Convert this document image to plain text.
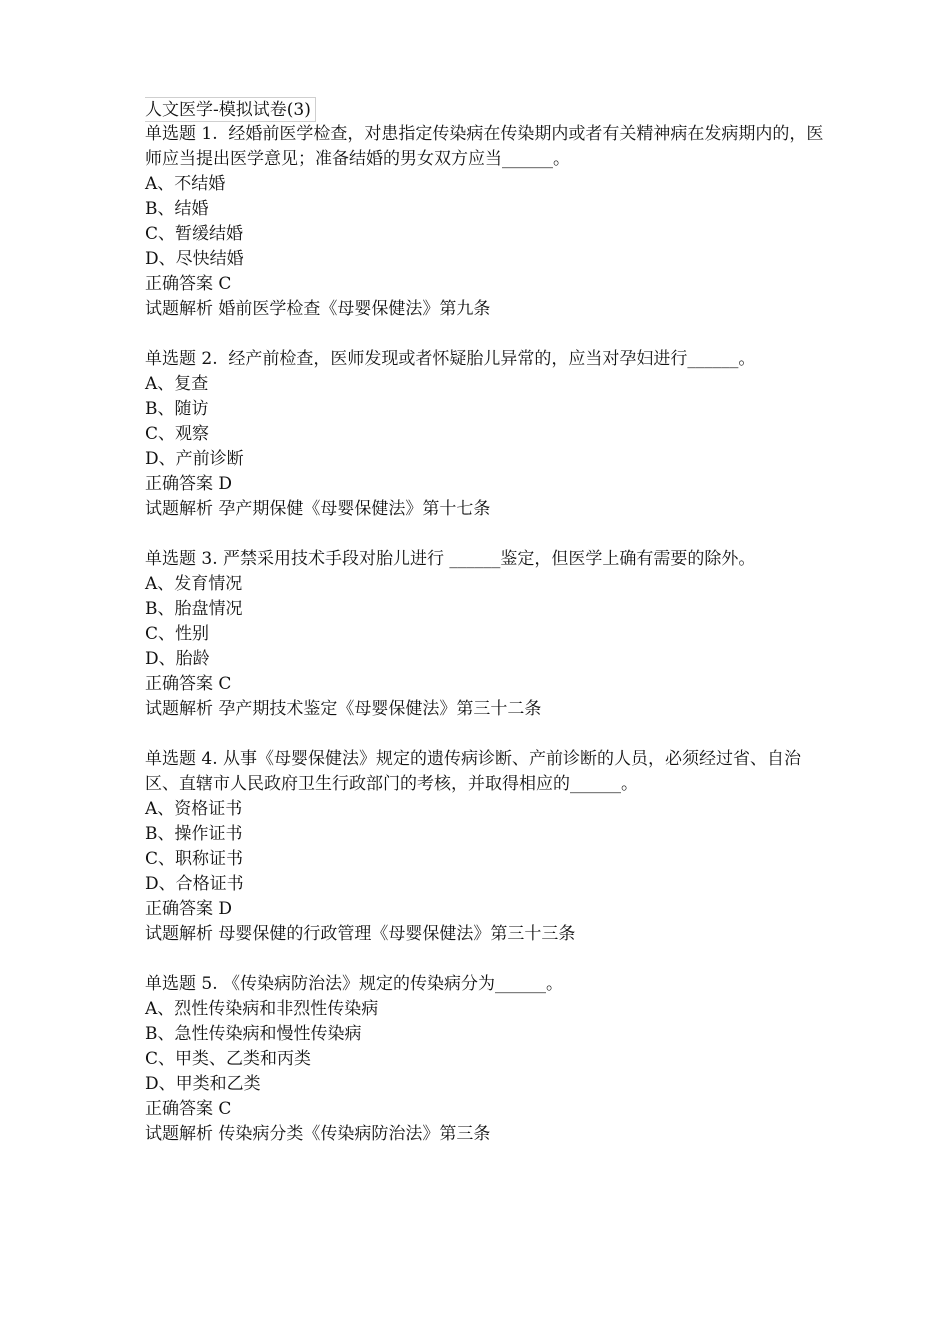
人文医学-模拟试卷(3)
单选题 1.  经婚前医学检查，对患指定传染病在传染期内或者有关精神病在发病期内的，医师应当提出医学意见；准备结婚的男女双方应当______。
A、不结婚
B、结婚
C、暂缓结婚
D、尽快结婚
正确答案 C
试题解析 婚前医学检查《母婴保健法》第九条
单选题 2.  经产前检查，医师发现或者怀疑胎儿异常的，应当对孕妇进行______。
A、复查
B、随访
C、观察
D、产前诊断
正确答案 D
试题解析 孕产期保健《母婴保健法》第十七条
单选题 3. 严禁采用技术手段对胎儿进行 ______鉴定，但医学上确有需要的除外。
A、发育情况
B、胎盘情况
C、性别
D、胎龄
正确答案 C
试题解析 孕产期技术鉴定《母婴保健法》第三十二条
单选题 4. 从事《母婴保健法》规定的遗传病诊断、产前诊断的人员，必须经过省、自治区、直辖市人民政府卫生行政部门的考核，并取得相应的______。
A、资格证书
B、操作证书
C、职称证书
D、合格证书
正确答案 D
试题解析 母婴保健的行政管理《母婴保健法》第三十三条
单选题 5. 《传染病防治法》规定的传染病分为______。
A、烈性传染病和非烈性传染病
B、急性传染病和慢性传染病
C、甲类、乙类和丙类
D、甲类和乙类
正确答案 C
试题解析 传染病分类《传染病防治法》第三条
